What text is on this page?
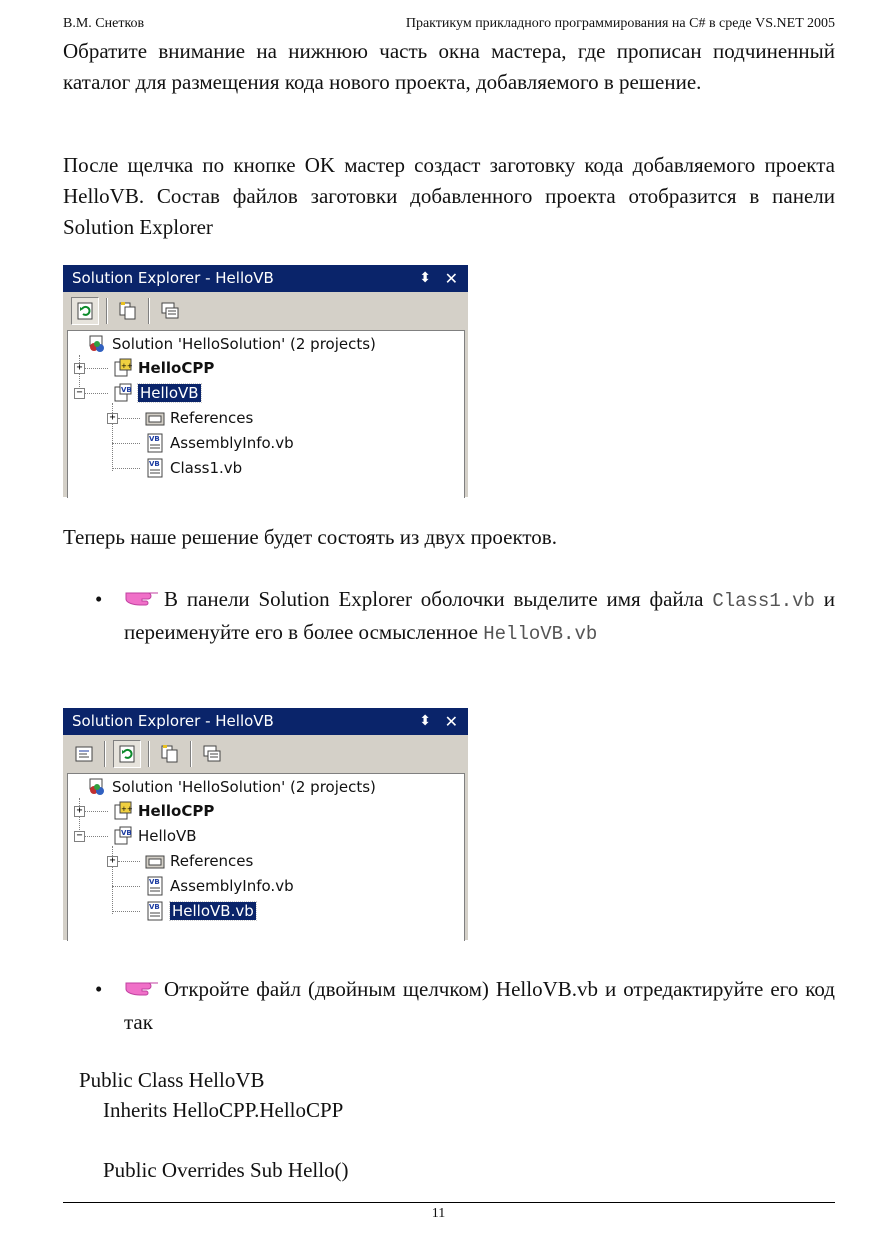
В.М. Снетков	Практикум прикладного программирования на C# в среде VS.NET 2005

Обратите внимание на нижнюю часть окна мастера, где прописан подчиненный каталог для размещения кода нового проекта, добавляемого в решение.

После щелчка по кнопке OK мастер создаст заготовку кода добавляемого проекта HelloVB. Состав файлов заготовки добавленного проекта отобразится в панели Solution Explorer

Solution Explorer - HelloVB	⬍ ✕
+
−
+
Solution 'HelloSolution' (2 projects)
++ HelloCPP
VB HelloVB
References
VB AssemblyInfo.vb
VB Class1.vb

Теперь наше решение будет состоять из двух проектов.

•	В панели Solution Explorer оболочки выделите имя файла Class1.vb и переименуйте его в более осмысленное HelloVB.vb

Solution Explorer - HelloVB	⬍ ✕
+
−
+
Solution 'HelloSolution' (2 projects)
++ HelloCPP
VB HelloVB
References
VB AssemblyInfo.vb
VB HelloVB.vb
•	Откройте файл (двойным щелчком) HelloVB.vb и отредактируйте его код так

Public Class HelloVB
Inherits HelloCPP.HelloCPP
Public Overrides Sub Hello()
11
